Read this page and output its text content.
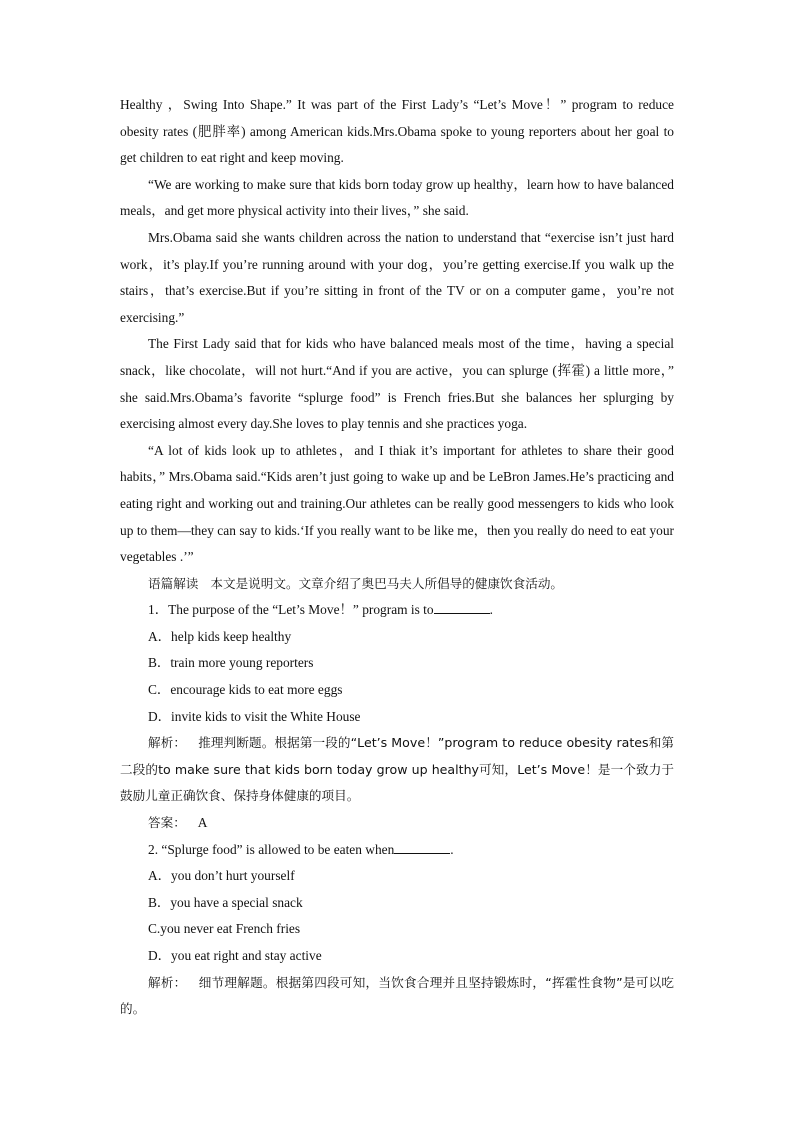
Healthy ，Swing Into Shape.” It was part of the First Lady’s “Let’s Move！” program to reduce obesity rates (肥胖率) among American kids.Mrs.Obama spoke to young reporters about her goal to get children to eat right and keep moving.

“We are working to make sure that kids born today grow up healthy，learn how to have balanced meals，and get more physical activity into their lives，” she said.

Mrs.Obama said she wants children across the nation to understand that “exercise isn’t just hard work，it’s play.If you’re running around with your dog，you’re getting exercise.If you walk up the stairs，that’s exercise.But if you’re sitting in front of the TV or on a computer game，you’re not exercising.”

The First Lady said that for kids who have balanced meals most of the time，having a special snack，like chocolate，will not hurt.“And if you are active，you can splurge (挥霍) a little more，” she said.Mrs.Obama’s favorite “splurge food” is French fries.But she balances her splurging by exercising almost every day.She loves to play tennis and she practices yoga.

“A lot of kids look up to athletes，and I thiak it’s important for athletes to share their good habits，” Mrs.Obama said.“Kids aren’t just going to wake up and be LeBron James.He’s practicing and eating right and working out and training.Our athletes can be really good messengers to kids who look up to them—they can say to kids.‘If you really want to be like me，then you really do need to eat your vegetables .’”

语篇解读 本文是说明文。文章介绍了奥巴马夫人所倡导的健康饮食活动。

1．The purpose of the “Let’s Move！” program is to	.

A．help kids keep healthy

B．train more young reporters

C．encourage kids to eat more eggs

D．invite kids to visit the White House

解析： 推理判断题。根据第一段的“Let’s Move！”program to reduce obesity rates和第二段的to make sure that kids born today grow up healthy可知，Let’s Move！是一个致力于鼓励儿童正确饮食、保持身体健康的项目。

答案： A

2. “Splurge food” is allowed to be eaten when	.

A．you don’t hurt yourself

B．you have a special snack

C.you never eat French fries

D．you eat right and stay active

解析： 细节理解题。根据第四段可知，当饮食合理并且坚持锻炼时，“挥霍性食物”是可以吃的。
